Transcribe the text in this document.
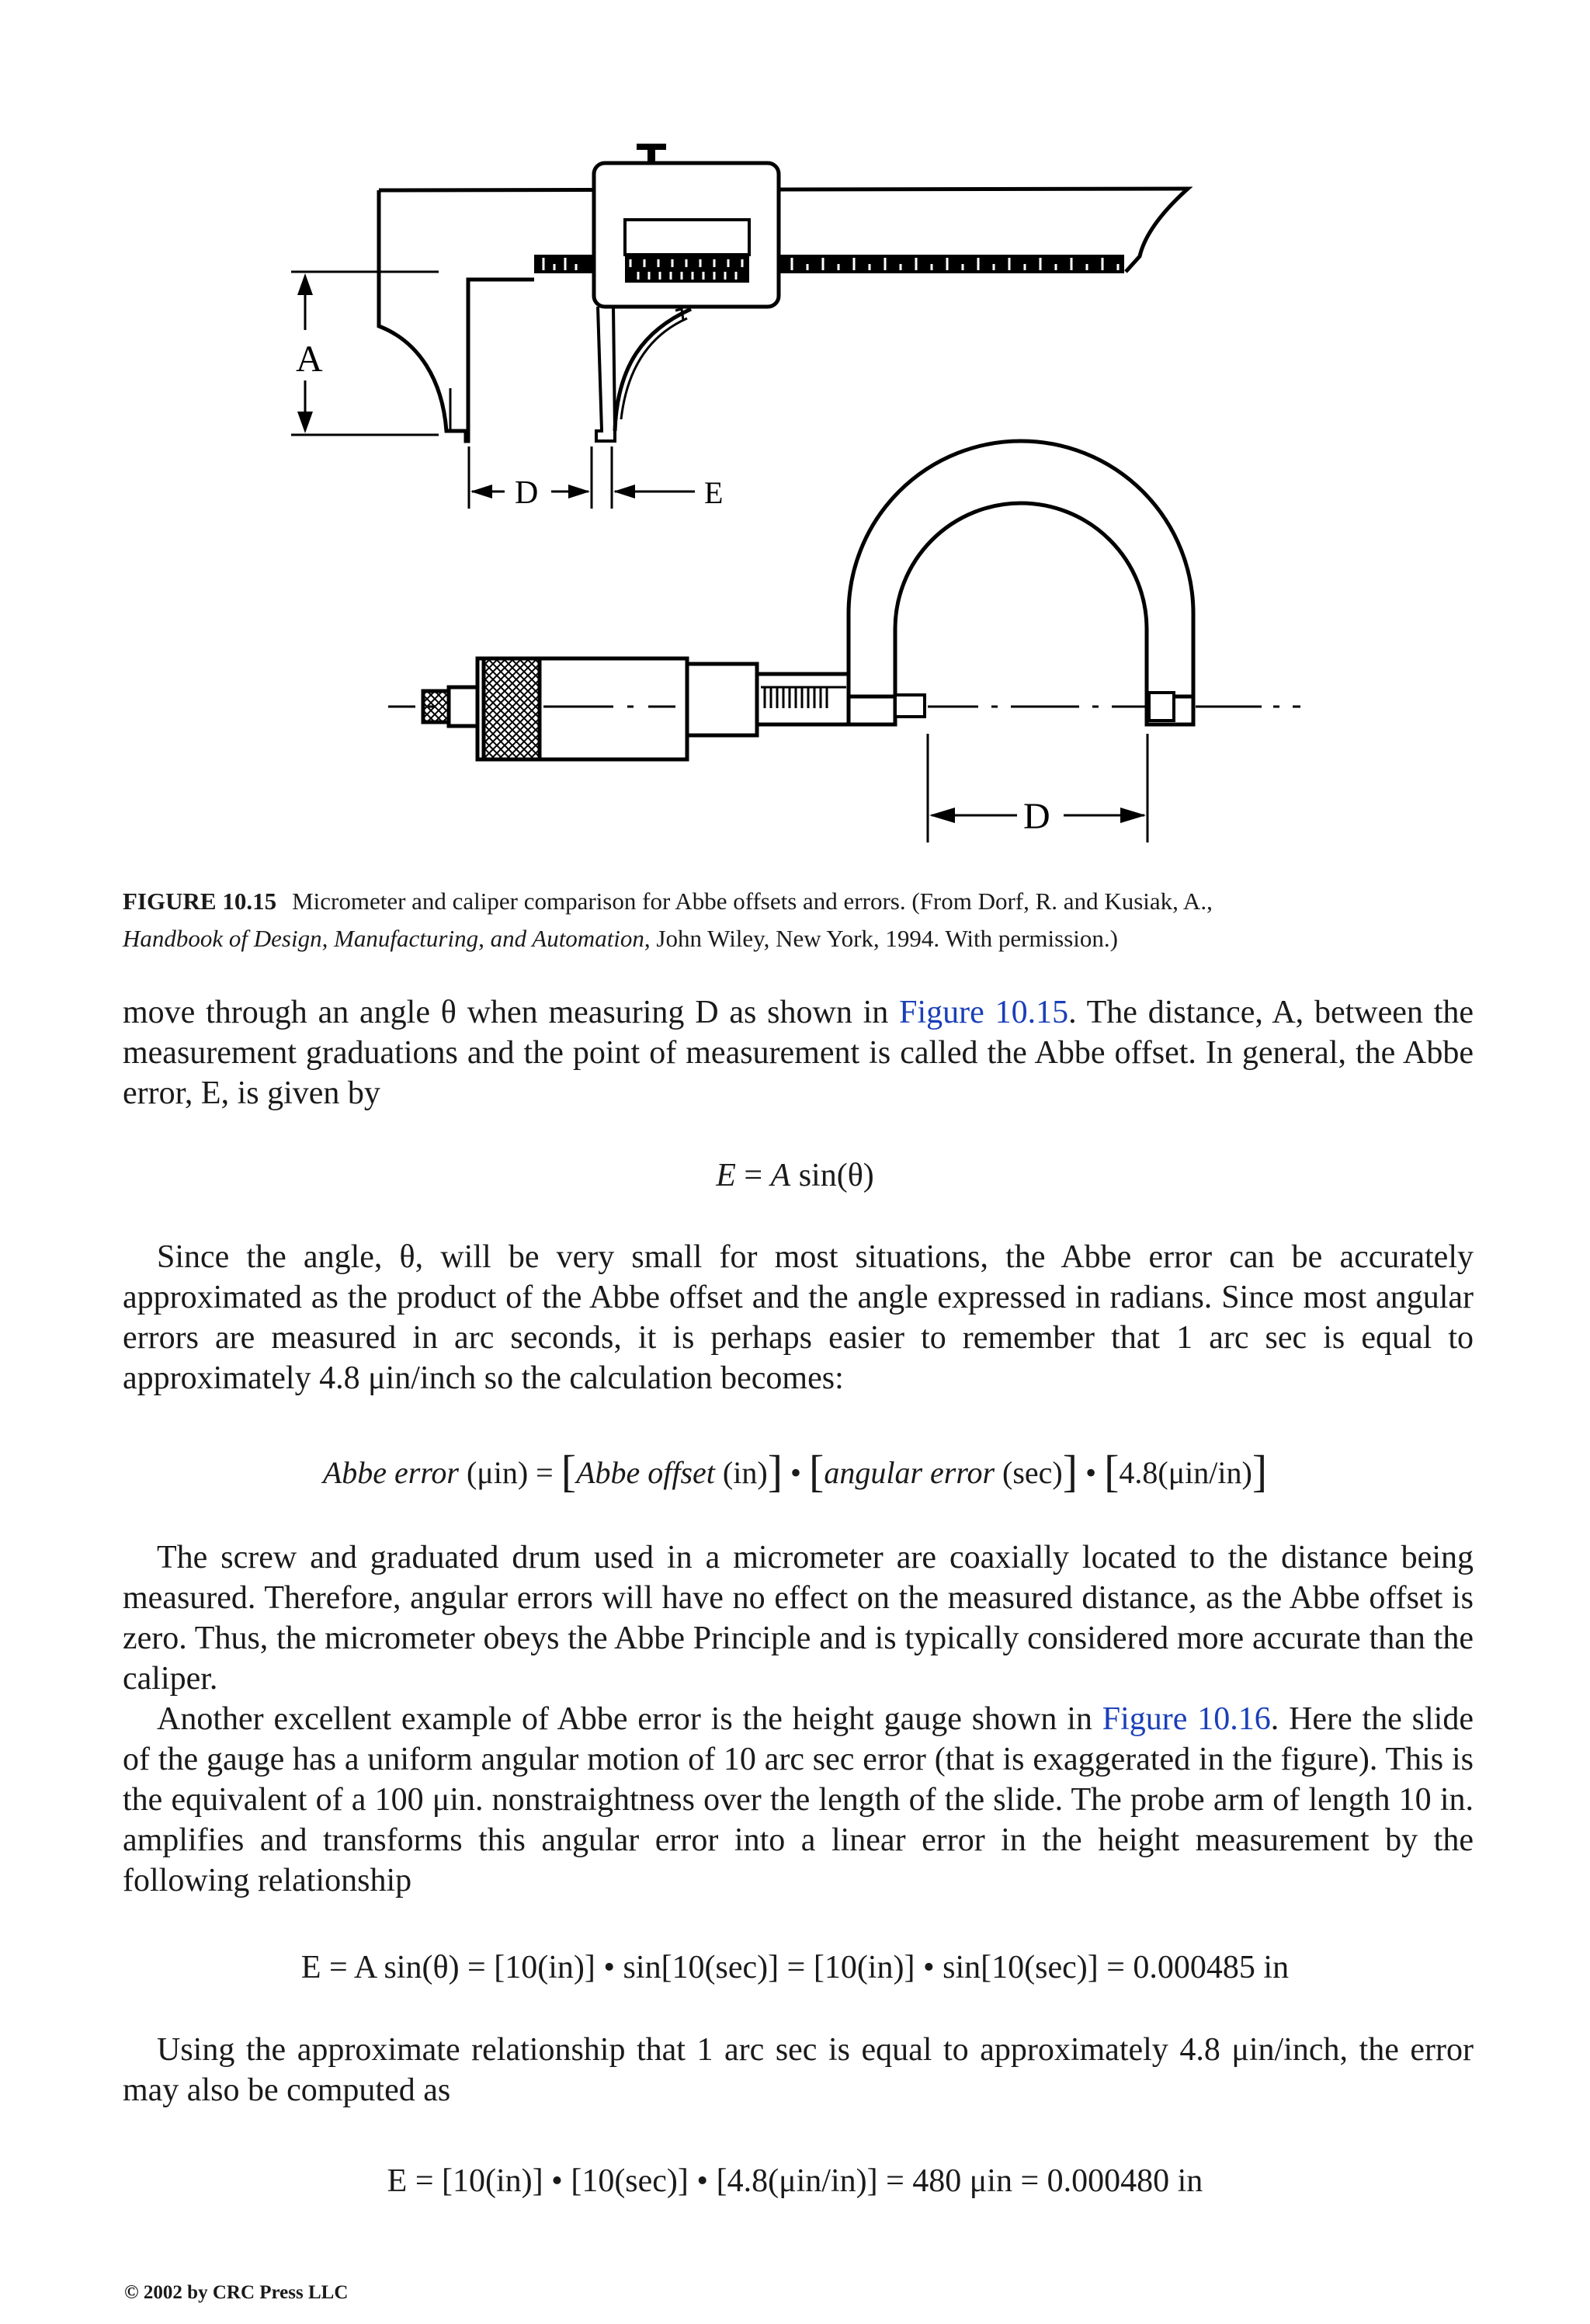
A
D	E
D
FIGURE 10.15 Micrometer and caliper comparison for Abbe offsets and errors. (From Dorf, R. and Kusiak, A.,
Handbook of Design, Manufacturing, and Automation, John Wiley, New York, 1994. With permission.)
move through an angle θ when measuring D as shown in Figure 10.15. The distance, A, between the measurement graduations and the point of measurement is called the Abbe offset. In general, the Abbe error, E, is given by
E = A sin(θ)
Since the angle, θ, will be very small for most situations, the Abbe error can be accurately approximated as the product of the Abbe offset and the angle expressed in radians. Since most angular errors are measured in arc seconds, it is perhaps easier to remember that 1 arc sec is equal to approximately 4.8 μin/inch so the calculation becomes:
Abbe error (μin) = [Abbe offset (in)] • [angular error (sec)] • [4.8(μin/in)]
The screw and graduated drum used in a micrometer are coaxially located to the distance being measured. Therefore, angular errors will have no effect on the measured distance, as the Abbe offset is zero. Thus, the micrometer obeys the Abbe Principle and is typically considered more accurate than the caliper.
Another excellent example of Abbe error is the height gauge shown in Figure 10.16. Here the slide of the gauge has a uniform angular motion of 10 arc sec error (that is exaggerated in the figure). This is the equivalent of a 100 μin. nonstraightness over the length of the slide. The probe arm of length 10 in. amplifies and transforms this angular error into a linear error in the height measurement by the following relationship
E = A sin(θ) = [10(in)] • sin[10(sec)] = [10(in)] • sin[10(sec)] = 0.000485 in
Using the approximate relationship that 1 arc sec is equal to approximately 4.8 μin/inch, the error may also be computed as
E = [10(in)] • [10(sec)] • [4.8(μin/in)] = 480 μin = 0.000480 in
© 2002 by CRC Press LLC
